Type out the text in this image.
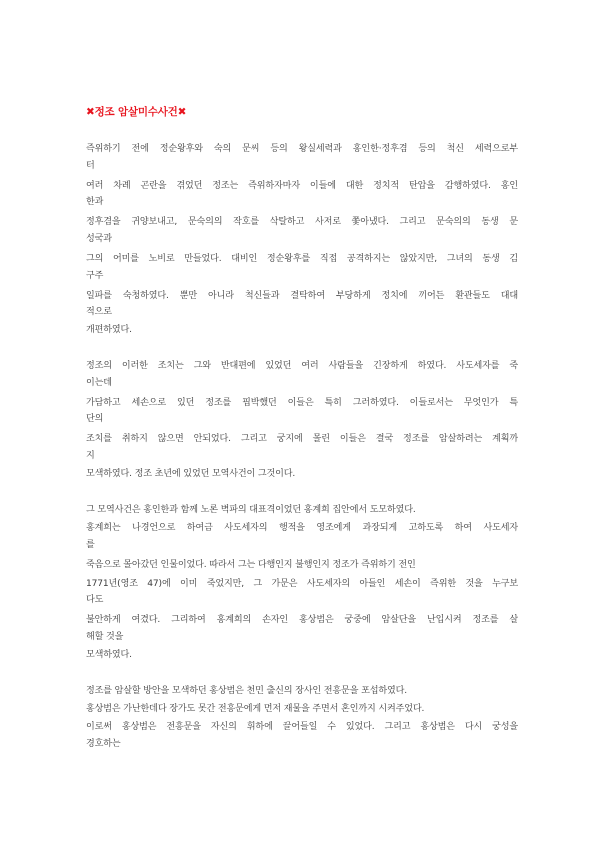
✖정조 암살미수사건✖
즉위하기 전에 정순왕후와 숙의 문씨 등의 왕실세력과 홍인한·정후겸 등의 척신 세력으로부
터
여러 차례 곤란을 겪었던 정조는 즉위하자마자 이들에 대한 정치적 탄압을 감행하였다. 홍인
한과
정후겸을 귀양보내고, 문숙의의 작호를 삭탈하고 사저로 쫓아냈다. 그리고 문숙의의 동생 문
성국과
그의 어미를 노비로 만들었다. 대비인 정순왕후를 직접 공격하지는 않았지만, 그녀의 동생 김
구주
일파를 숙청하였다. 뿐만 아니라 척신들과 결탁하여 부당하게 정치에 끼어든 환관들도 대대
적으로
개편하였다.
정조의 이러한 조치는 그와 반대편에 있었던 여러 사람들을 긴장하게 하였다. 사도세자를 죽
이는데
가담하고 세손으로 있던 정조를 핍박했던 이들은 특히 그러하였다. 이들로서는 무엇인가 특
단의
조치를 취하지 않으면 안되었다. 그리고 궁지에 몰린 이들은 결국 정조를 암살하려는 계획까
지
모색하였다. 정조 초년에 있었던 모역사건이 그것이다.
그 모역사건은 홍인한과 함께 노론 벽파의 대표격이었던 홍계희 집안에서 도모하였다.
홍계희는 나경언으로 하여금 사도세자의 행적을 영조에게 과장되게 고하도록 하여 사도세자
를
죽음으로 몰아갔던 인물이었다. 따라서 그는 다행인지 불행인지 정조가 즉위하기 전인
1771년(영조 47)에 이미 죽었지만, 그 가문은 사도세자의 아들인 세손이 즉위한 것을 누구보
다도
불안하게 여겼다. 그리하여 홍계희의 손자인 홍상범은 궁중에 암살단을 난입시켜 정조를 살
해할 것을
모색하였다.
정조를 암살할 방안을 모색하던 홍상범은 천민 출신의 장사인 전흥문을 포섭하였다.
홍상범은 가난한데다 장가도 못간 전흥문에게 먼저 재물을 주면서 혼인까지 시켜주었다.
이로써 홍상범은 전흥문을 자신의 휘하에 끌어들일 수 있었다. 그리고 홍상범은 다시 궁성을
경호하는
